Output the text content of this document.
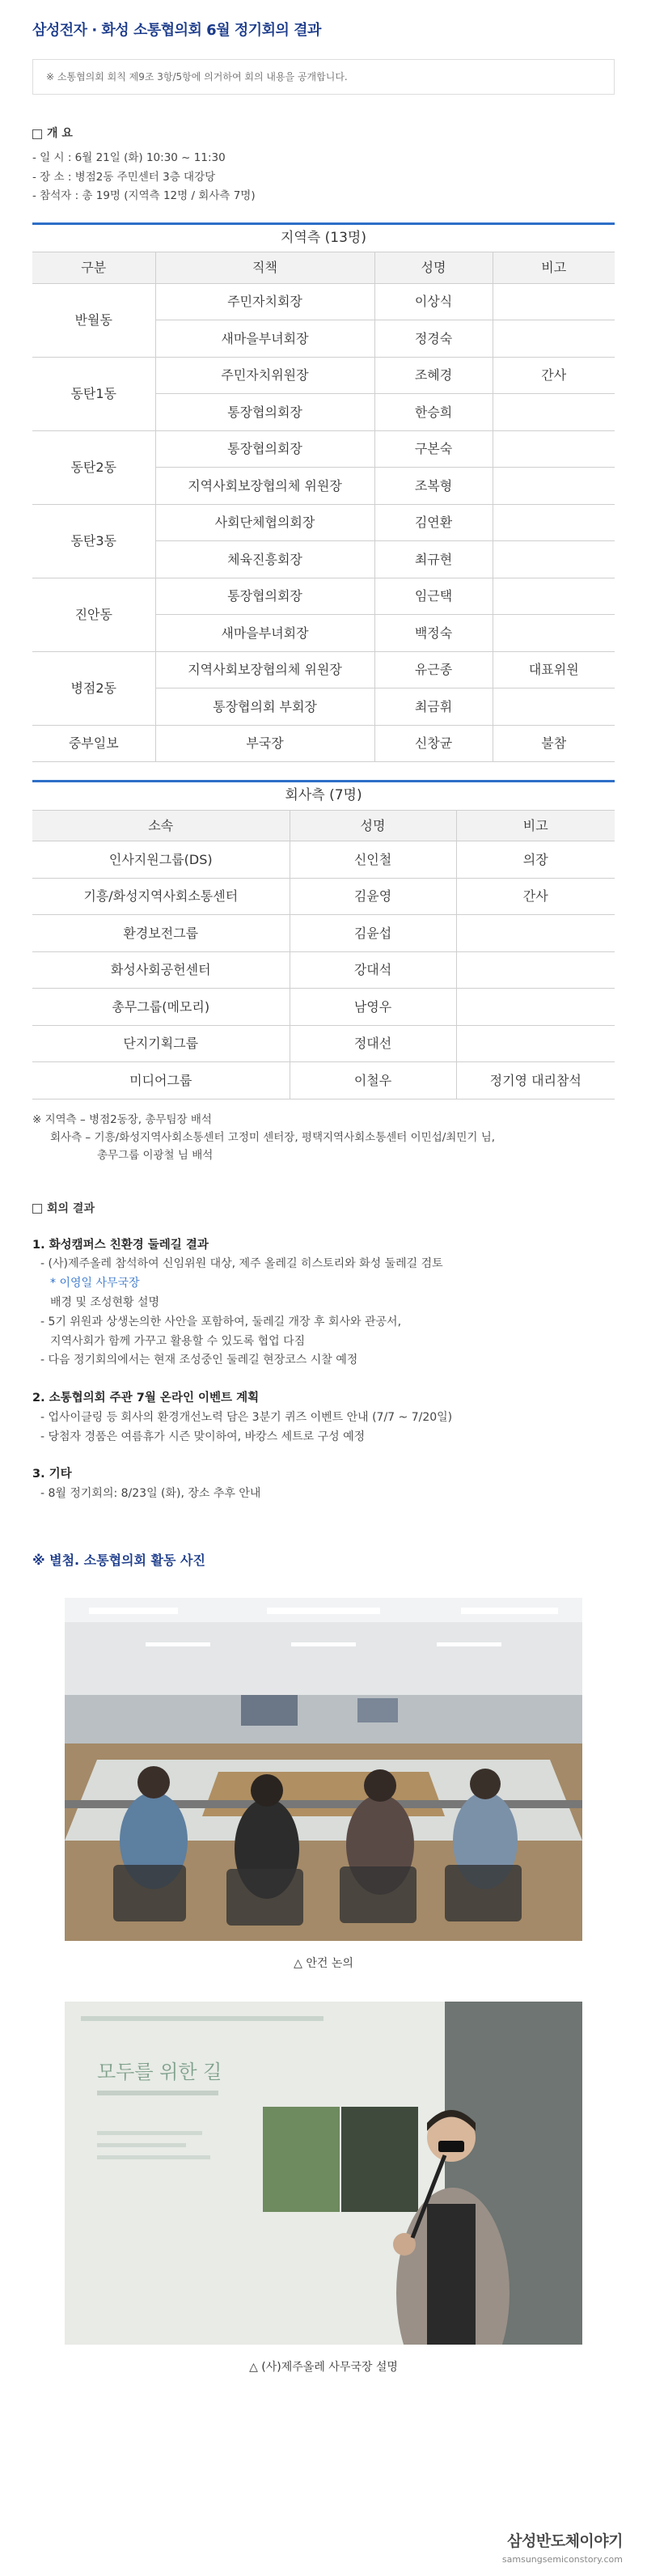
삼성전자 · 화성 소통협의회 6월 정기회의 결과
※ 소통협의회 회칙 제9조 3항/5항에 의거하여 회의 내용을 공개합니다.
개 요
- 일 시 : 6월 21일 (화) 10:30 ~ 11:30
- 장 소 : 병점2동 주민센터 3층 대강당
- 참석자 : 총 19명 (지역측 12명 / 회사측 7명)
지역측 (13명)
구분	직책	성명	비고
반월동	주민자치회장	이상식	
	새마을부녀회장	정경숙	
동탄1동	주민자치위원장	조혜경	간사
	통장협의회장	한승희	
동탄2동	통장협의회장	구본숙	
	지역사회보장협의체 위원장	조복형	
동탄3동	사회단체협의회장	김연환	
	체육진흥회장	최규현	
진안동	통장협의회장	임근택	
	새마을부녀회장	백정숙	
병점2동	지역사회보장협의체 위원장	유근종	대표위원
	통장협의회 부회장	최금휘	
중부일보	부국장	신창균	불참
회사측 (7명)
소속	성명	비고
인사지원그룹(DS)	신인철	의장
기흥/화성지역사회소통센터	김윤영	간사
환경보전그룹	김윤섭	
화성사회공헌센터	강대석	
총무그룹(메모리)	남영우	
단지기획그룹	정대선	
미디어그룹	이철우	정기영 대리참석
※ 지역측 – 병점2동장, 총무팀장 배석
회사측 – 기흥/화성지역사회소통센터 고정미 센터장, 평택지역사회소통센터 이민섭/최민기 님,
총무그룹 이광철 님 배석
회의 결과
1. 화성캠퍼스 친환경 둘레길 결과
- (사)제주올레 참석하여 신임위원 대상, 제주 올레길 히스토리와 화성 둘레길 검토
* 이영일 사무국장
배경 및 조성현황 설명
- 5기 위원과 상생논의한 사안을 포함하여, 둘레길 개장 후 회사와 관공서,
지역사회가 함께 가꾸고 활용할 수 있도록 협업 다짐
- 다음 정기회의에서는 현재 조성중인 둘레길 현장코스 시찰 예정
2. 소통협의회 주관 7월 온라인 이벤트 계획
- 업사이클링 등 회사의 환경개선노력 담은 3분기 퀴즈 이벤트 안내 (7/7 ~ 7/20일)
- 당첨자 경품은 여름휴가 시즌 맞이하여, 바캉스 세트로 구성 예정
3. 기타
- 8월 정기회의: 8/23일 (화), 장소 추후 안내
※ 별첨. 소통협의회 활동 사진
△ 안건 논의
모두를 위한 길
△ (사)제주올레 사무국장 설명
삼성반도체이야기
samsungsemiconstory.com
